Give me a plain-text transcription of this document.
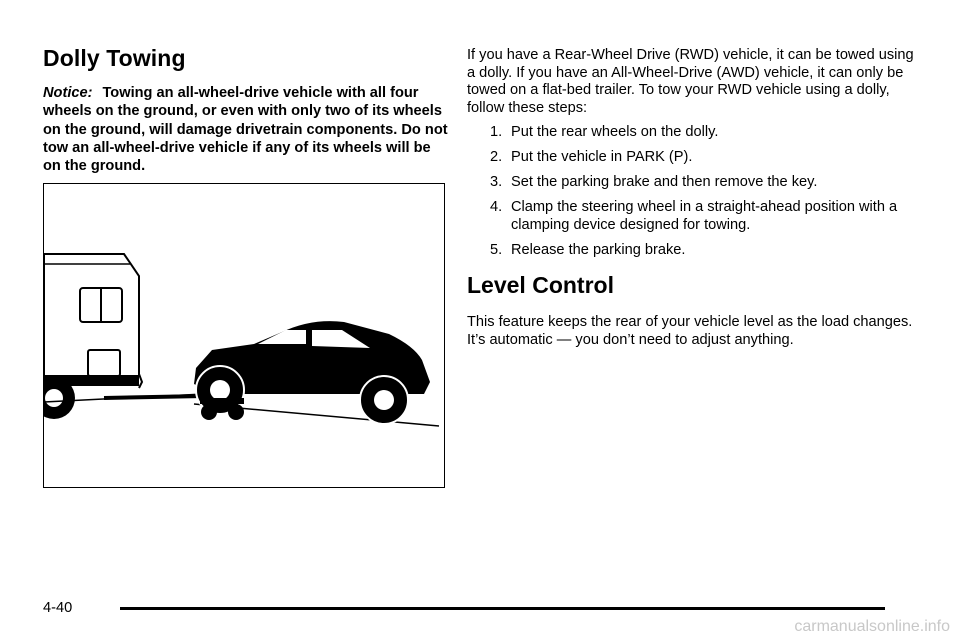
Dolly Towing

Notice: Towing an all-wheel-drive vehicle with all four wheels on the ground, or even with only two of its wheels on the ground, will damage drivetrain components. Do not tow an all-wheel-drive vehicle if any of its wheels will be on the ground.

If you have a Rear-Wheel Drive (RWD) vehicle, it can be towed using a dolly. If you have an All-Wheel-Drive (AWD) vehicle, it can only be towed on a flat-bed trailer. To tow your RWD vehicle using a dolly, follow these steps:

1. Put the rear wheels on the dolly.
2. Put the vehicle in PARK (P).
3. Set the parking brake and then remove the key.
4. Clamp the steering wheel in a straight-ahead position with a clamping device designed for towing.
5. Release the parking brake.
Level Control

This feature keeps the rear of your vehicle level as the load changes. It’s automatic — you don’t need to adjust anything.

4-40
carmanualsonline.info
